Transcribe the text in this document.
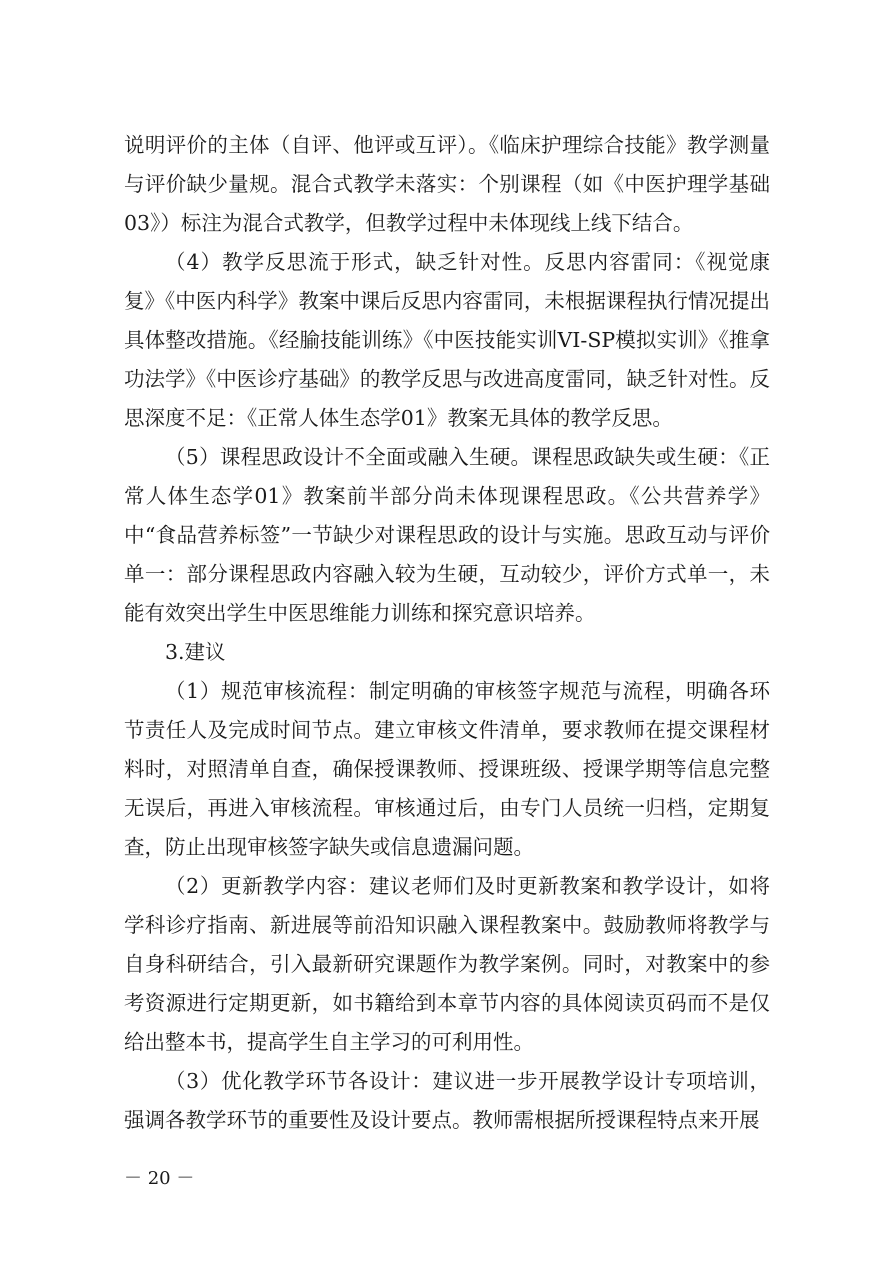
说明评价的主体（自评、他评或互评）。《临床护理综合技能》教学测量与评价缺少量规。混合式教学未落实：个别课程（如《中医护理学基础03》）标注为混合式教学，但教学过程中未体现线上线下结合。

（4）教学反思流于形式，缺乏针对性。反思内容雷同：《视觉康复》《中医内科学》教案中课后反思内容雷同，未根据课程执行情况提出具体整改措施。《经腧技能训练》《中医技能实训VI-SP模拟实训》《推拿功法学》《中医诊疗基础》的教学反思与改进高度雷同，缺乏针对性。反思深度不足：《正常人体生态学01》教案无具体的教学反思。

（5）课程思政设计不全面或融入生硬。课程思政缺失或生硬：《正常人体生态学01》教案前半部分尚未体现课程思政。《公共营养学》中“食品营养标签”一节缺少对课程思政的设计与实施。思政互动与评价单一：部分课程思政内容融入较为生硬，互动较少，评价方式单一，未能有效突出学生中医思维能力训练和探究意识培养。

3.建议

（1）规范审核流程：制定明确的审核签字规范与流程，明确各环节责任人及完成时间节点。建立审核文件清单，要求教师在提交课程材料时，对照清单自查，确保授课教师、授课班级、授课学期等信息完整无误后，再进入审核流程。审核通过后，由专门人员统一归档，定期复查，防止出现审核签字缺失或信息遗漏问题。

（2）更新教学内容：建议老师们及时更新教案和教学设计，如将学科诊疗指南、新进展等前沿知识融入课程教案中。鼓励教师将教学与自身科研结合，引入最新研究课题作为教学案例。同时，对教案中的参考资源进行定期更新，如书籍给到本章节内容的具体阅读页码而不是仅给出整本书，提高学生自主学习的可利用性。

（3）优化教学环节各设计：建议进一步开展教学设计专项培训，强调各教学环节的重要性及设计要点。教师需根据所授课程特点来开展

－ 20 －
